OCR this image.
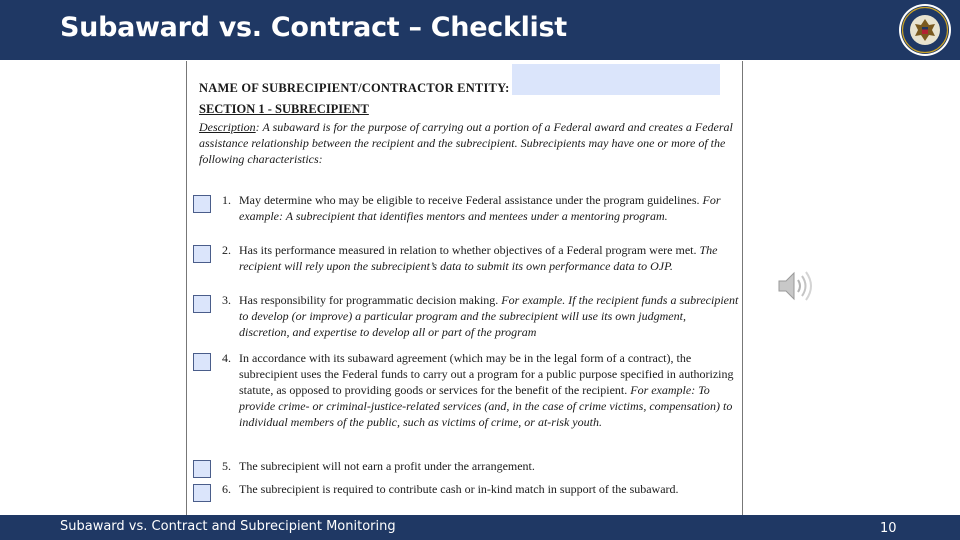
Subaward vs. Contract – Checklist
NAME OF SUBRECIPIENT/CONTRACTOR ENTITY:
SECTION 1 - SUBRECIPIENT
Description: A subaward is for the purpose of carrying out a portion of a Federal award and creates a Federal assistance relationship between the recipient and the subrecipient. Subrecipients may have one or more of the following characteristics:
1. May determine who may be eligible to receive Federal assistance under the program guidelines. For example: A subrecipient that identifies mentors and mentees under a mentoring program.
2. Has its performance measured in relation to whether objectives of a Federal program were met. The recipient will rely upon the subrecipient’s data to submit its own performance data to OJP.
3. Has responsibility for programmatic decision making. For example. If the recipient funds a subrecipient to develop (or improve) a particular program and the subrecipient will use its own judgment, discretion, and expertise to develop all or part of the program
4. In accordance with its subaward agreement (which may be in the legal form of a contract), the subrecipient uses the Federal funds to carry out a program for a public purpose specified in authorizing statute, as opposed to providing goods or services for the benefit of the recipient. For example: To provide crime- or criminal-justice-related services (and, in the case of crime victims, compensation) to individual members of the public, such as victims of crime, or at-risk youth.
5. The subrecipient will not earn a profit under the arrangement.
6. The subrecipient is required to contribute cash or in-kind match in support of the subaward.
Subaward vs. Contract and Subrecipient Monitoring	10
